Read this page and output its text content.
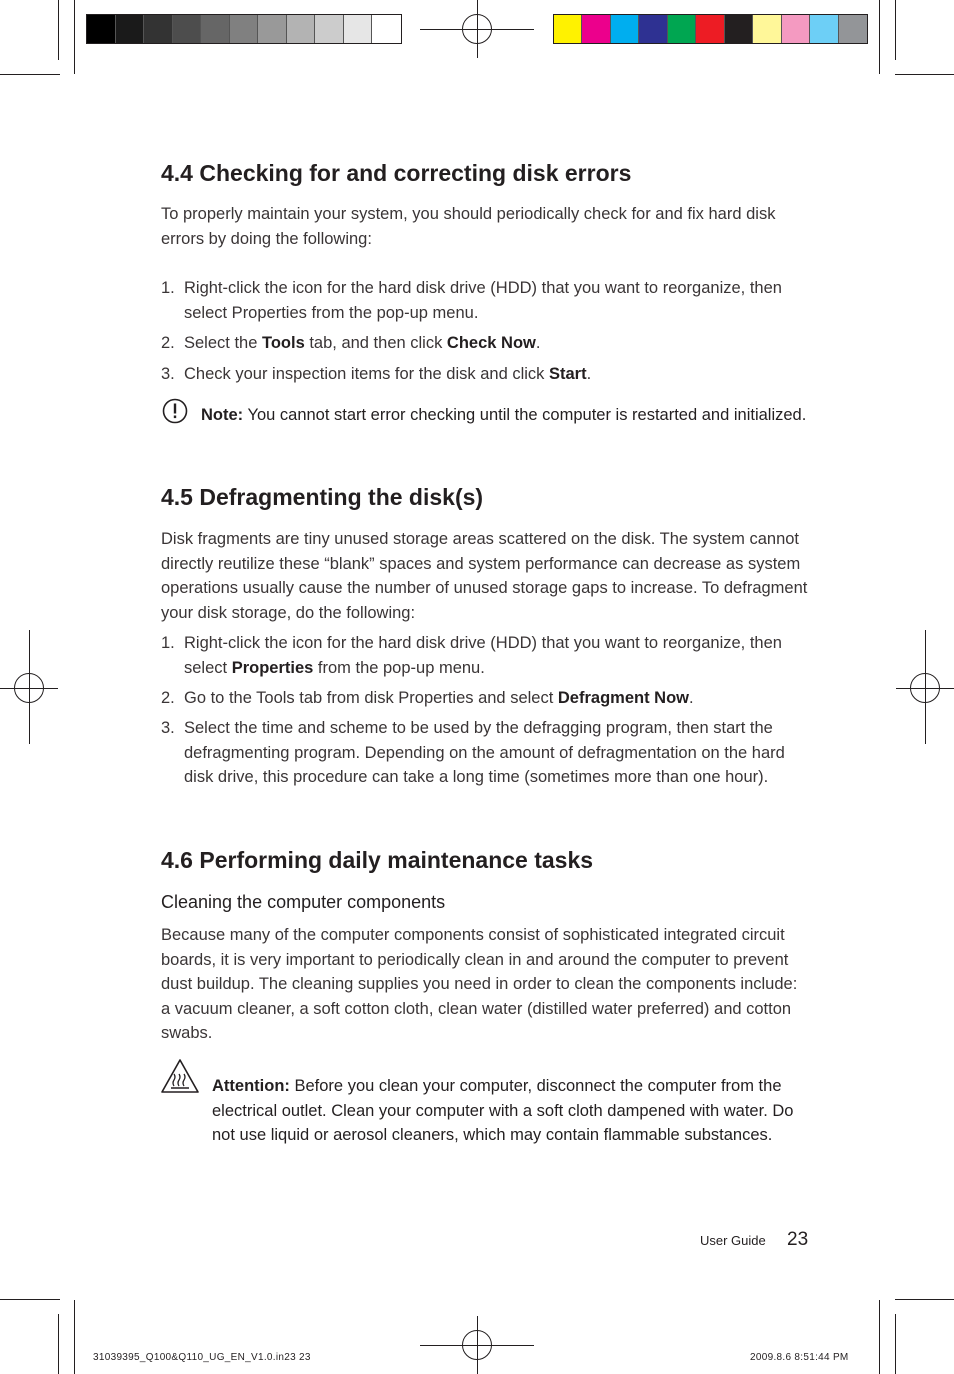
4.4 Checking for and correcting disk errors
To properly maintain your system, you should periodically check for and fix hard disk errors by doing the following:
1. Right-click the icon for the hard disk drive (HDD) that you want to reorganize, then select Properties from the pop-up menu.
2. Select the Tools tab, and then click Check Now.
3. Check your inspection items for the disk and click Start.
Note: You cannot start error checking until the computer is restarted and initialized.
4.5 Defragmenting the disk(s)
Disk fragments are tiny unused storage areas scattered on the disk. The system cannot directly reutilize these “blank” spaces and system performance can decrease as system operations usually cause the number of unused storage gaps to increase. To defragment your disk storage, do the following:
1. Right-click the icon for the hard disk drive (HDD) that you want to reorganize, then select Properties from the pop-up menu.
2. Go to the Tools tab from disk Properties and select Defragment Now.
3. Select the time and scheme to be used by the defragging program, then start the defragmenting program. Depending on the amount of defragmentation on the hard disk drive, this procedure can take a long time (sometimes more than one hour).
4.6 Performing daily maintenance tasks
Cleaning the computer components
Because many of the computer components consist of sophisticated integrated circuit boards, it is very important to periodically clean in and around the computer to prevent dust buildup. The cleaning supplies you need in order to clean the components include: a vacuum cleaner, a soft cotton cloth, clean water (distilled water preferred) and cotton swabs.
Attention: Before you clean your computer, disconnect the computer from the electrical outlet. Clean your computer with a soft cloth dampened with water. Do not use liquid or aerosol cleaners, which may contain flammable substances.
User Guide 23
31039395_Q100&Q110_UG_EN_V1.0.in23 23	2009.8.6 8:51:44 PM
